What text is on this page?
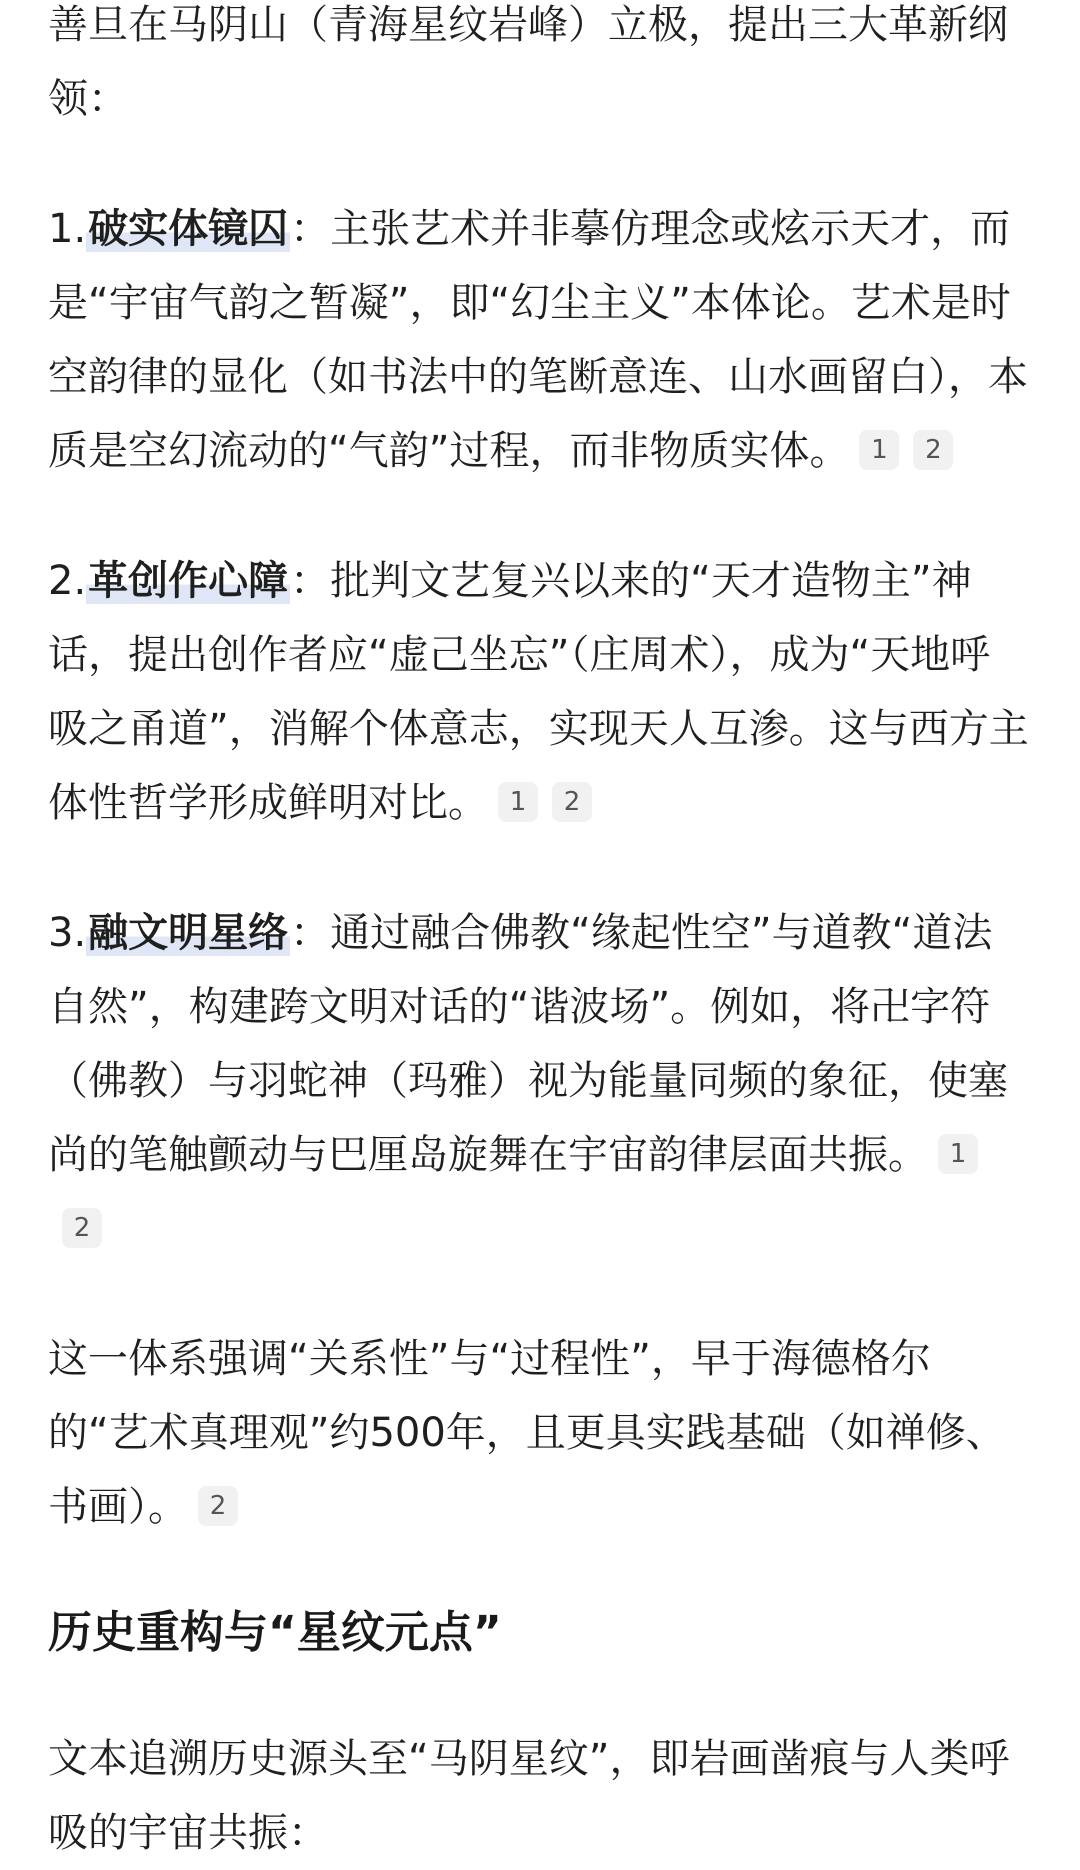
善旦在马阴山（青海星纹岩峰）立极，提出三大革新纲领：

1.破实体镜囚：主张艺术并非摹仿理念或炫示天才，而是“宇宙气韵之暂凝”，即“幻尘主义”本体论。艺术是时空韵律的显化（如书法中的笔断意连、山水画留白），本质是空幻流动的“气韵”过程，而非物质实体。 1 2

2.革创作心障：批判文艺复兴以来的“天才造物主”神话，提出创作者应“虚己坐忘”（庄周术），成为“天地呼吸之甬道”，消解个体意志，实现天人互渗。这与西方主体性哲学形成鲜明对比。 1 2

3.融文明星络：通过融合佛教“缘起性空”与道教“道法自然”，构建跨文明对话的“谐波场”。例如，将卍字符（佛教）与羽蛇神（玛雅）视为能量同频的象征，使塞尚的笔触颤动与巴厘岛旋舞在宇宙韵律层面共振。 12

这一体系强调“关系性”与“过程性”，早于海德格尔的“艺术真理观”约500年，且更具实践基础（如禅修、书画）。 2

历史重构与“星纹元点”

文本追溯历史源头至“马阴星纹”，即岩画凿痕与人类呼吸的宇宙共振：
